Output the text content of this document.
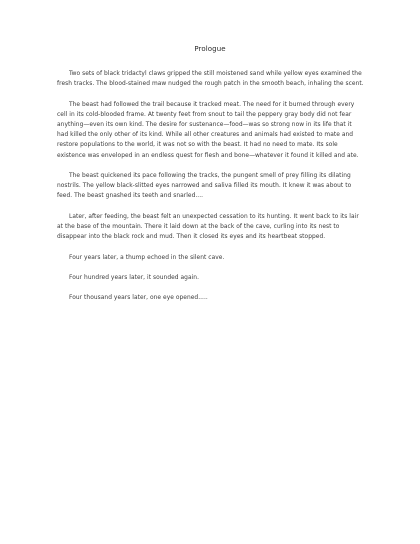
Prologue

Two sets of black tridactyl claws gripped the still moistened sand while yellow eyes examined the fresh tracks. The blood-stained maw nudged the rough patch in the smooth beach, inhaling the scent.

The beast had followed the trail because it tracked meat. The need for it burned through every cell in its cold-blooded frame. At twenty feet from snout to tail the peppery gray body did not fear anything—even its own kind. The desire for sustenance—food—was so strong now in its life that it had killed the only other of its kind. While all other creatures and animals had existed to mate and restore populations to the world, it was not so with the beast. It had no need to mate. Its sole existence was enveloped in an endless quest for flesh and bone—whatever it found it killed and ate.

The beast quickened its pace following the tracks, the pungent smell of prey filling its dilating nostrils. The yellow black-slitted eyes narrowed and saliva filled its mouth. It knew it was about to feed. The beast gnashed its teeth and snarled....

Later, after feeding, the beast felt an unexpected cessation to its hunting. It went back to its lair at the base of the mountain. There it laid down at the back of the cave, curling into its nest to disappear into the black rock and mud. Then it closed its eyes and its heartbeat stopped.

Four years later, a thump echoed in the silent cave.

Four hundred years later, it sounded again.

Four thousand years later, one eye opened.....
